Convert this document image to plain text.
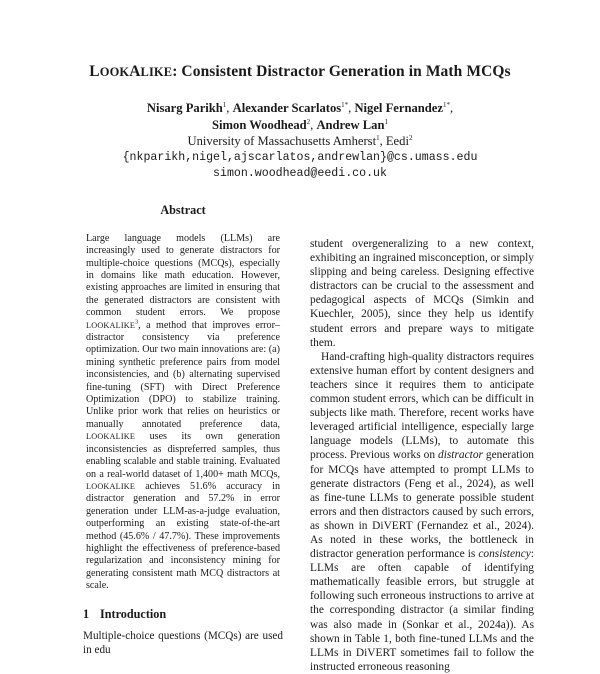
LOOKALIKE: Consistent Distractor Generation in Math MCQs
Nisarg Parikh$^1$, Alexander Scarlatos$^{1*}$, Nigel Fernandez$^{1*}$,
Simon Woodhead$^2$, Andrew Lan$^1$
University of Massachusetts Amherst$^1$, Eedi$^2$
{nkparikh,nigel,ajscarlatos,andrewlan}@cs.umass.edu
simon.woodhead@eedi.co.uk
Abstract
Large language models (LLMs) are increasingly used to generate distractors for multiple-choice questions (MCQs), especially in domains like math education. However, existing approaches are limited in ensuring that the generated distractors are consistent with common student errors. We propose LOOKALIKE$^3$, a method that improves error–distractor consistency via preference optimization. Our two main innovations are: (a) mining synthetic preference pairs from model inconsistencies, and (b) alternating supervised fine-tuning (SFT) with Direct Preference Optimization (DPO) to stabilize training. Unlike prior work that relies on heuristics or manually annotated preference data, LOOKALIKE uses its own generation inconsistencies as dispreferred samples, thus enabling scalable and stable training. Evaluated on a real-world dataset of 1,400+ math MCQs, LOOKALIKE achieves 51.6% accuracy in distractor generation and 57.2% in error generation under LLM-as-a-judge evaluation, outperforming an existing state-of-the-art method (45.6% / 47.7%). These improvements highlight the effectiveness of preference-based regularization and inconsistency mining for generating consistent math MCQ distractors at scale.
1 Introduction
Multiple-choice questions (MCQs) are used in edu

student overgeneralizing to a new context, exhibiting an ingrained misconception, or simply slipping and being careless. Designing effective distractors can be crucial to the assessment and pedagogical aspects of MCQs (Simkin and Kuechler, 2005), since they help us identify student errors and prepare ways to mitigate them.

Hand-crafting high-quality distractors requires extensive human effort by content designers and teachers since it requires them to anticipate common student errors, which can be difficult in subjects like math. Therefore, recent works have leveraged artificial intelligence, especially large language models (LLMs), to automate this process. Previous works on distractor generation for MCQs have attempted to prompt LLMs to generate distractors (Feng et al., 2024), as well as fine-tune LLMs to generate possible student errors and then distractors caused by such errors, as shown in DiVERT (Fernandez et al., 2024). As noted in these works, the bottleneck in distractor generation performance is consistency: LLMs are often capable of identifying mathematically feasible errors, but struggle at following such erroneous instructions to arrive at the corresponding distractor (a similar finding was also made in (Sonkar et al., 2024a)). As shown in Table 1, both fine-tuned LLMs and the LLMs in DiVERT sometimes fail to follow the instructed erroneous reasoning
